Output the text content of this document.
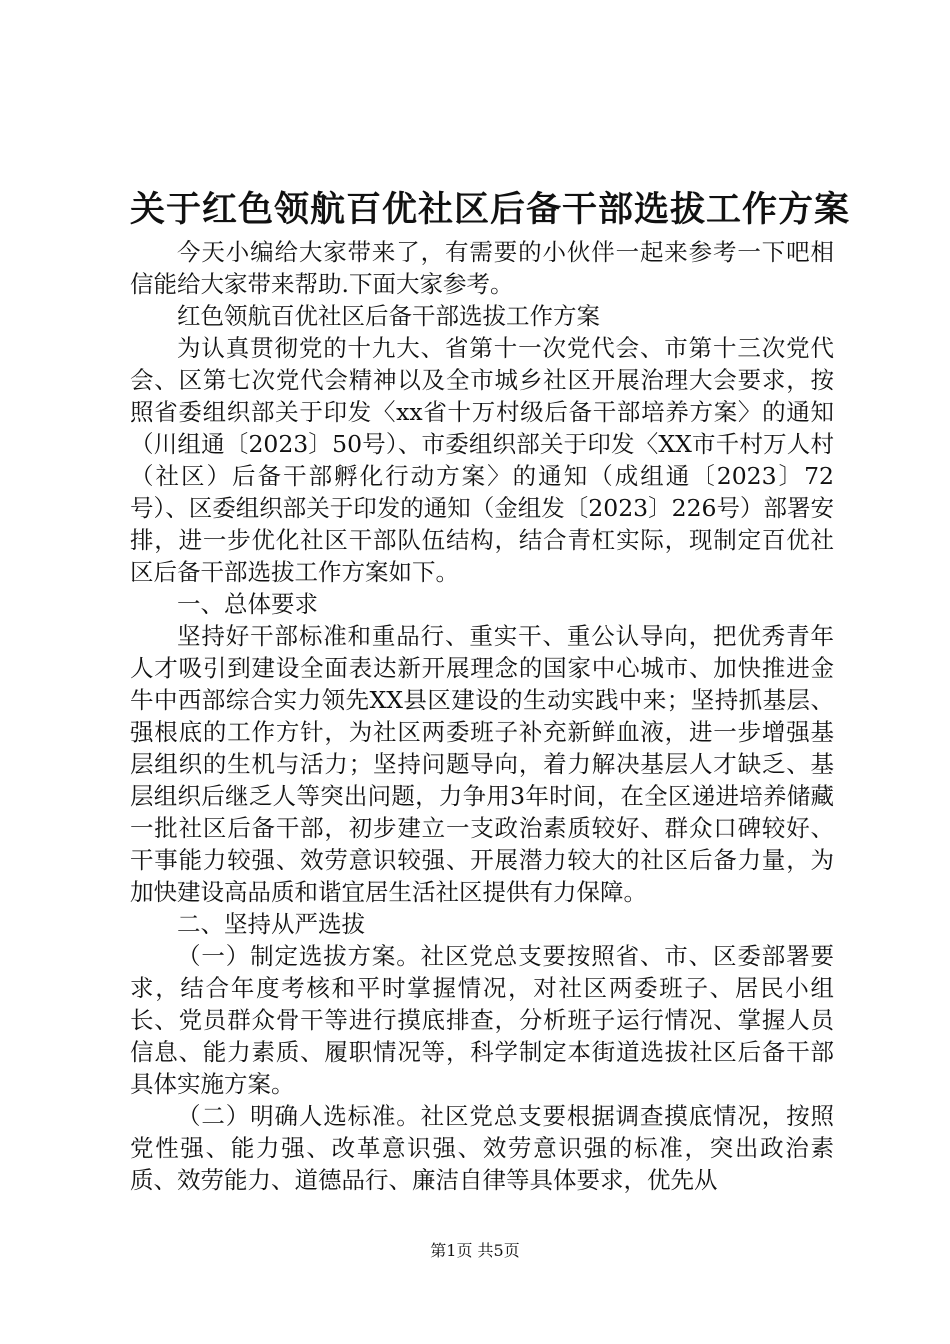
关于红色领航百优社区后备干部选拔工作方案

今天小编给大家带来了，有需要的小伙伴一起来参考一下吧相信能给大家带来帮助.下面大家参考。

红色领航百优社区后备干部选拔工作方案

为认真贯彻党的十九大、省第十一次党代会、市第十三次党代会、区第七次党代会精神以及全市城乡社区开展治理大会要求，按照省委组织部关于印发〈xx省十万村级后备干部培养方案〉的通知（川组通〔2023〕50号）、市委组织部关于印发〈XX市千村万人村（社区）后备干部孵化行动方案〉的通知（成组通〔2023〕72号）、区委组织部关于印发的通知（金组发〔2023〕226号）部署安排，进一步优化社区干部队伍结构，结合青杠实际，现制定百优社区后备干部选拔工作方案如下。

一、总体要求

坚持好干部标准和重品行、重实干、重公认导向，把优秀青年人才吸引到建设全面表达新开展理念的国家中心城市、加快推进金牛中西部综合实力领先XX县区建设的生动实践中来；坚持抓基层、强根底的工作方针，为社区两委班子补充新鲜血液，进一步增强基层组织的生机与活力；坚持问题导向，着力解决基层人才缺乏、基层组织后继乏人等突出问题，力争用3年时间，在全区递进培养储藏一批社区后备干部，初步建立一支政治素质较好、群众口碑较好、干事能力较强、效劳意识较强、开展潜力较大的社区后备力量，为加快建设高品质和谐宜居生活社区提供有力保障。

二、坚持从严选拔

（一）制定选拔方案。社区党总支要按照省、市、区委部署要求，结合年度考核和平时掌握情况，对社区两委班子、居民小组长、党员群众骨干等进行摸底排查，分析班子运行情况、掌握人员信息、能力素质、履职情况等，科学制定本街道选拔社区后备干部具体实施方案。

（二）明确人选标准。社区党总支要根据调查摸底情况，按照党性强、能力强、改革意识强、效劳意识强的标准，突出政治素质、效劳能力、道德品行、廉洁自律等具体要求，优先从

第1页 共5页
